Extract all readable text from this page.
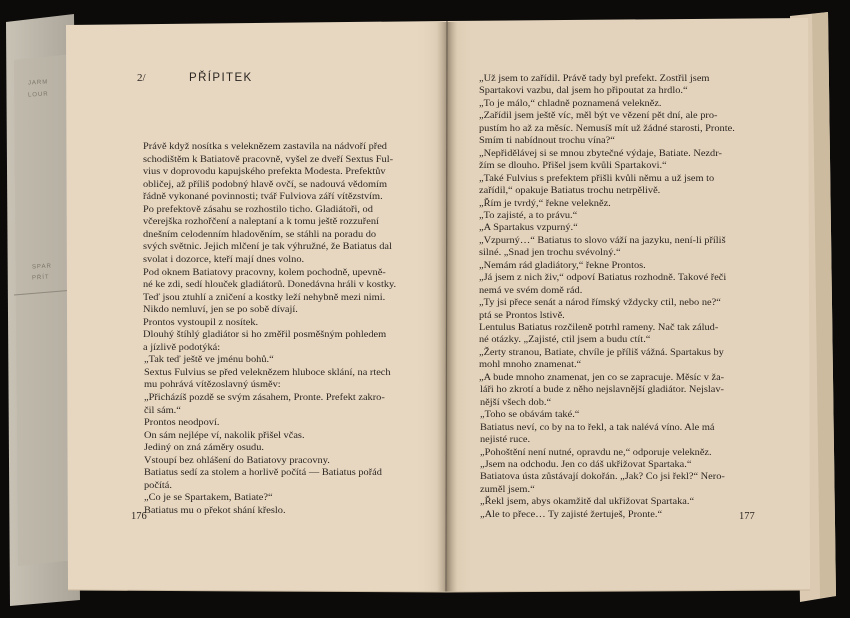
JARM
LOUR
SPAR
PŘÍT
2/	PŘÍPITEK
Právě když nosítka s veleknězem zastavila na nádvoří před
schodištěm k Batiatově pracovně, vyšel ze dveří Sextus Ful-
vius v doprovodu kapujského prefekta Modesta. Prefektův
obličej, až příliš podobný hlavě ovčí, se nadouvá vědomím
řádně vykonané povinnosti; tvář Fulviova září vítězstvím.
Po prefektově zásahu se rozhostilo ticho. Gladiátoři, od
včerejška rozhořčení a naleptaní a k tomu ještě rozzuření
dnešním celodenním hladověním, se stáhli na poradu do
svých světnic. Jejich mlčení je tak výhružné, že Batiatus dal
svolat i dozorce, kteří mají dnes volno.
Pod oknem Batiatovy pracovny, kolem pochodně, upevně-
né ke zdi, sedí hlouček gladiátorů. Donedávna hráli v kostky.
Teď jsou ztuhlí a zničení a kostky leží nehybně mezi nimi.
Nikdo nemluví, jen se po sobě dívají.
Prontos vystoupil z nosítek.
Dlouhý štíhlý gladiátor si ho změřil posměšným pohledem
a jízlivě podotýká:
„Tak teď ještě ve jménu bohů.“
Sextus Fulvius se před veleknězem hluboce sklání, na rtech
mu pohrává vítězoslavný úsměv:
„Přicházíš pozdě se svým zásahem, Pronte. Prefekt zakro-
čil sám.“
Prontos neodpoví.
On sám nejlépe ví, nakolik přišel včas.
Jediný on zná záměry osudu.
Vstoupí bez ohlášení do Batiatovy pracovny.
Batiatus sedí za stolem a horlivě počítá — Batiatus pořád
počítá.
„Co je se Spartakem, Batiate?“
Batiatus mu o překot shání křeslo.
176
„Už jsem to zařídil. Právě tady byl prefekt. Zostřil jsem
Spartakovi vazbu, dal jsem ho připoutat za hrdlo.“
„To je málo,“ chladně poznamená velekněz.
„Zařídil jsem ještě víc, měl být ve vězení pět dní, ale pro-
pustím ho až za měsíc. Nemusíš mít už žádné starosti, Pronte.
Smím ti nabídnout trochu vína?“
„Nepřidělávej si se mnou zbytečné výdaje, Batiate. Nezdr-
žím se dlouho. Přišel jsem kvůli Spartakovi.“
„Také Fulvius s prefektem přišli kvůli němu a už jsem to
zařídil,“ opakuje Batiatus trochu netrpělivě.
„Řím je tvrdý,“ řekne velekněz.
„To zajisté, a to právu.“
„A Spartakus vzpurný.“
„Vzpurný…“ Batiatus to slovo váží na jazyku, není-li příliš
silné. „Snad jen trochu svévolný.“
„Nemám rád gladiátory,“ řekne Prontos.
„Já jsem z nich živ,“ odpoví Batiatus rozhodně. Takové řeči
nemá ve svém domě rád.
„Ty jsi přece senát a národ římský vždycky ctil, nebo ne?“
ptá se Prontos lstivě.
Lentulus Batiatus rozčileně potrhl rameny. Nač tak zálud-
né otázky. „Zajisté, ctil jsem a budu ctít.“
„Žerty stranou, Batiate, chvíle je příliš vážná. Spartakus by
mohl mnoho znamenat.“
„A bude mnoho znamenat, jen co se zapracuje. Měsíc v ža-
láři ho zkrotí a bude z něho nejslavnější gladiátor. Nejslav-
nější všech dob.“
„Toho se obávám také.“
Batiatus neví, co by na to řekl, a tak nalévá víno. Ale má
nejisté ruce.
„Pohoštění není nutné, opravdu ne,“ odporuje velekněz.
„Jsem na odchodu. Jen co dáš ukřižovat Spartaka.“
Batiatova ústa zůstávají dokořán. „Jak? Co jsi řekl?“ Nero-
zuměl jsem.“
„Řekl jsem, abys okamžitě dal ukřižovat Spartaka.“
„Ale to přece… Ty zajisté žertuješ, Pronte.“	177
